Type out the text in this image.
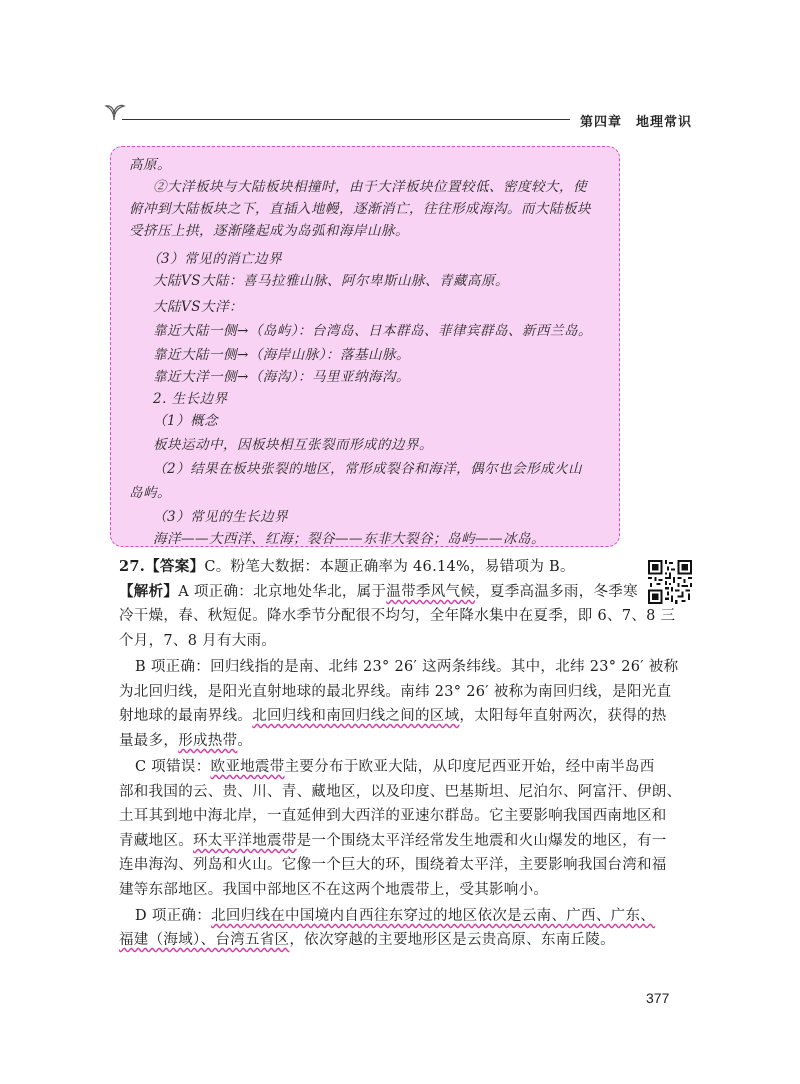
第四章　地理常识
高原。
②大洋板块与大陆板块相撞时，由于大洋板块位置较低、密度较大，使
俯冲到大陆板块之下，直插入地幔，逐渐消亡，往往形成海沟。而大陆板块
受挤压上拱，逐渐隆起成为岛弧和海岸山脉。
（3）常见的消亡边界
大陆VS大陆：喜马拉雅山脉、阿尔卑斯山脉、青藏高原。
大陆VS大洋：
靠近大陆一侧→（岛屿）：台湾岛、日本群岛、菲律宾群岛、新西兰岛。
靠近大陆一侧→（海岸山脉）：落基山脉。
靠近大洋一侧→（海沟）：马里亚纳海沟。
2. 生长边界
（1）概念
板块运动中，因板块相互张裂而形成的边界。
（2）结果在板块张裂的地区，常形成裂谷和海洋，偶尔也会形成火山
岛屿。
（3）常见的生长边界
海洋——大西洋、红海；裂谷——东非大裂谷；岛屿——冰岛。
27.【答案】C。粉笔大数据：本题正确率为 46.14%，易错项为 B。
【解析】A 项正确：北京地处华北，属于温带季风气候，夏季高温多雨，冬季寒
冷干燥，春、秋短促。降水季节分配很不均匀，全年降水集中在夏季，即 6、7、8 三
个月，7、8 月有大雨。
B 项正确：回归线指的是南、北纬 23° 26′ 这两条纬线。其中，北纬 23° 26′ 被称
为北回归线，是阳光直射地球的最北界线。南纬 23° 26′ 被称为南回归线，是阳光直
射地球的最南界线。北回归线和南回归线之间的区域，太阳每年直射两次，获得的热
量最多，形成热带。
C 项错误：欧亚地震带主要分布于欧亚大陆，从印度尼西亚开始，经中南半岛西
部和我国的云、贵、川、青、藏地区，以及印度、巴基斯坦、尼泊尔、阿富汗、伊朗、
土耳其到地中海北岸，一直延伸到大西洋的亚速尔群岛。它主要影响我国西南地区和
青藏地区。环太平洋地震带是一个围绕太平洋经常发生地震和火山爆发的地区，有一
连串海沟、列岛和火山。它像一个巨大的环，围绕着太平洋，主要影响我国台湾和福
建等东部地区。我国中部地区不在这两个地震带上，受其影响小。
D 项正确：北回归线在中国境内自西往东穿过的地区依次是云南、广西、广东、
福建（海域）、台湾五省区，依次穿越的主要地形区是云贵高原、东南丘陵。
377
